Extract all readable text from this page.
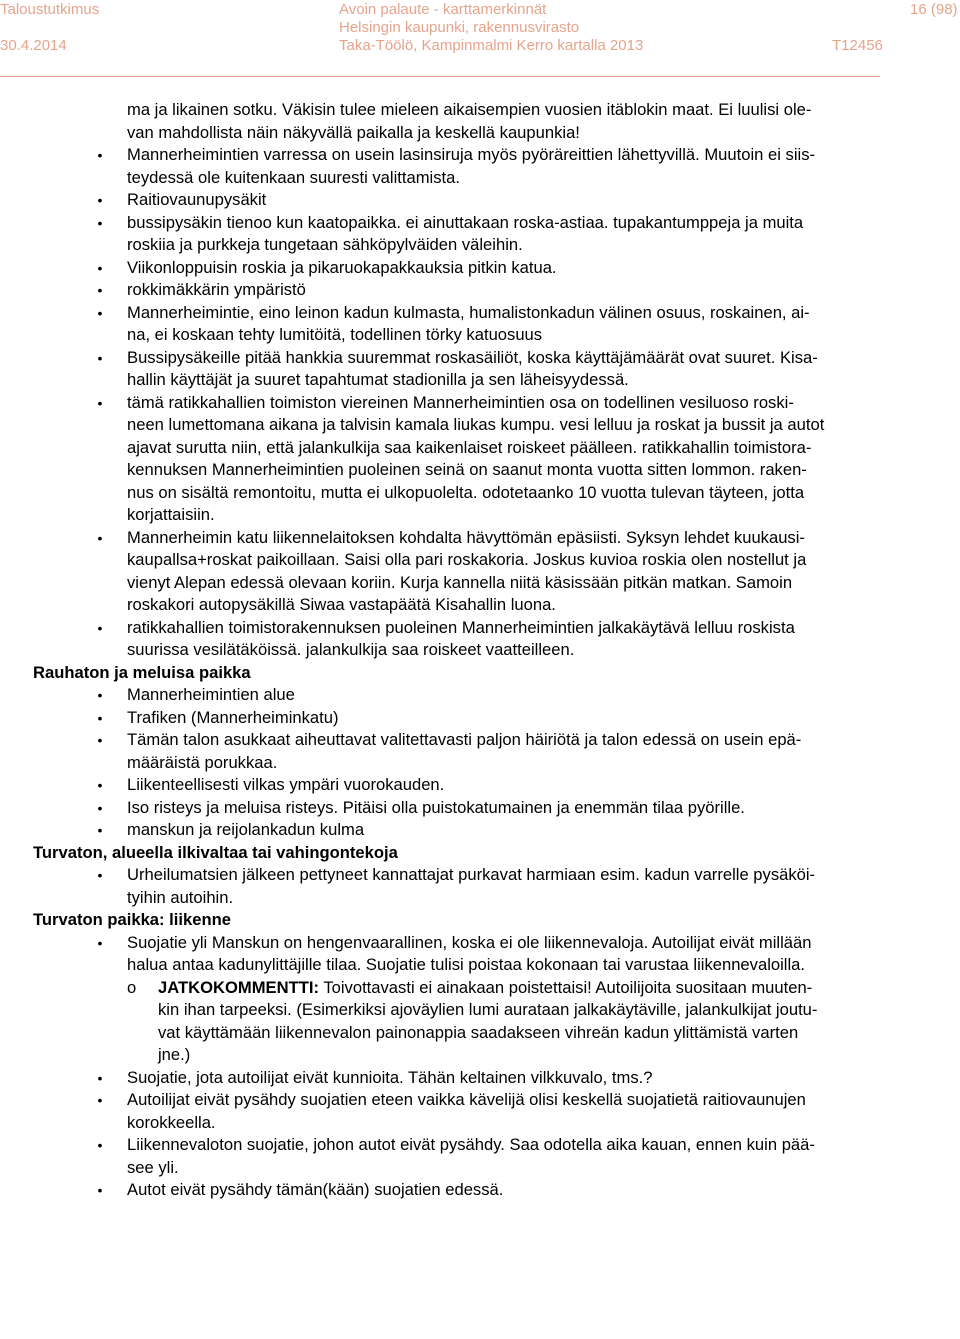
Taloustutkimus
30.4.2014
Avoin palaute - karttamerkinnät
Helsingin kaupunki, rakennusvirasto
Taka-Töölö, Kampinmalmi Kerro kartalla 2013
16 (98)
T12456
ma ja likainen sotku. Väkisin tulee mieleen aikaisempien vuosien itäblokin maat. Ei luulisi ole-
van mahdollista näin näkyvällä paikalla ja keskellä kaupunkia!
• Mannerheimintien varressa on usein lasinsiruja myös pyöräreittien lähettyvillä. Muutoin ei siis-
teydessä ole kuitenkaan suuresti valittamista.
• Raitiovaunupysäkit
• bussipysäkin tienoo kun kaatopaikka. ei ainuttakaan roska-astiaa. tupakantumppeja ja muita
roskiia ja purkkeja tungetaan sähköpylväiden väleihin.
• Viikonloppuisin roskia ja pikaruokapakkauksia pitkin katua.
• rokkimäkkärin ympäristö
• Mannerheimintie, eino leinon kadun kulmasta, humalistonkadun välinen osuus, roskainen, ai-
na, ei koskaan tehty lumitöitä, todellinen törky katuosuus
• Bussipysäkeille pitää hankkia suuremmat roskasäiliöt, koska käyttäjämäärät ovat suuret. Kisa-
hallin käyttäjät ja suuret tapahtumat stadionilla ja sen läheisyydessä.
• tämä ratikkahallien toimiston viereinen Mannerheimintien osa on todellinen vesiluoso roski-
neen lumettomana aikana ja talvisin kamala liukas kumpu. vesi lelluu ja roskat ja bussit ja autot
ajavat surutta niin, että jalankulkija saa kaikenlaiset roiskeet päälleen. ratikkahallin toimistora-
kennuksen Mannerheimintien puoleinen seinä on saanut monta vuotta sitten lommon. raken-
nus on sisältä remontoitu, mutta ei ulkopuolelta. odotetaanko 10 vuotta tulevan täyteen, jotta
korjattaisiin.
• Mannerheimin katu liikennelaitoksen kohdalta hävyttömän epäsiisti. Syksyn lehdet kuukausi-
kaupallsa+roskat paikoillaan. Saisi olla pari roskakoria. Joskus kuvioa roskia olen nostellut ja
vienyt Alepan edessä olevaan koriin. Kurja kannella niitä käsissään pitkän matkan. Samoin
roskakori autopysäkillä Siwaa vastapäätä Kisahallin luona.
• ratikkahallien toimistorakennuksen puoleinen Mannerheimintien jalkakäytävä lelluu roskista
suurissa vesilätäköissä. jalankulkija saa roiskeet vaatteilleen.
Rauhaton ja meluisa paikka
• Mannerheimintien alue
• Trafiken (Mannerheiminkatu)
• Tämän talon asukkaat aiheuttavat valitettavasti paljon häiriötä ja talon edessä on usein epä-
määräistä porukkaa.
• Liikenteellisesti vilkas ympäri vuorokauden.
• Iso risteys ja meluisa risteys. Pitäisi olla puistokatumainen ja enemmän tilaa pyörille.
• manskun ja reijolankadun kulma
Turvaton, alueella ilkivaltaa tai vahingontekoja
• Urheilumatsien jälkeen pettyneet kannattajat purkavat harmiaan esim. kadun varrelle pysäköi-
tyihin autoihin.
Turvaton paikka: liikenne
• Suojatie yli Manskun on hengenvaarallinen, koska ei ole liikennevaloja. Autoilijat eivät millään
halua antaa kadunylittäjille tilaa. Suojatie tulisi poistaa kokonaan tai varustaa liikennevaloilla.
o JATKOKOMMENTTI: Toivottavasti ei ainakaan poistettaisi! Autoilijoita suositaan muuten-
kin ihan tarpeeksi. (Esimerkiksi ajoväylien lumi aurataan jalkakäytäville, jalankulkijat joutu-
vat käyttämään liikennevalon painonappia saadakseen vihreän kadun ylittämistä varten
jne.)
• Suojatie, jota autoilijat eivät kunnioita. Tähän keltainen vilkkuvalo, tms.?
• Autoilijat eivät pysähdy suojatien eteen vaikka kävelijä olisi keskellä suojatietä raitiovaunujen
korokkeella.
• Liikennevaloton suojatie, johon autot eivät pysähdy. Saa odotella aika kauan, ennen kuin pää-
see yli.
• Autot eivät pysähdy tämän(kään) suojatien edessä.
